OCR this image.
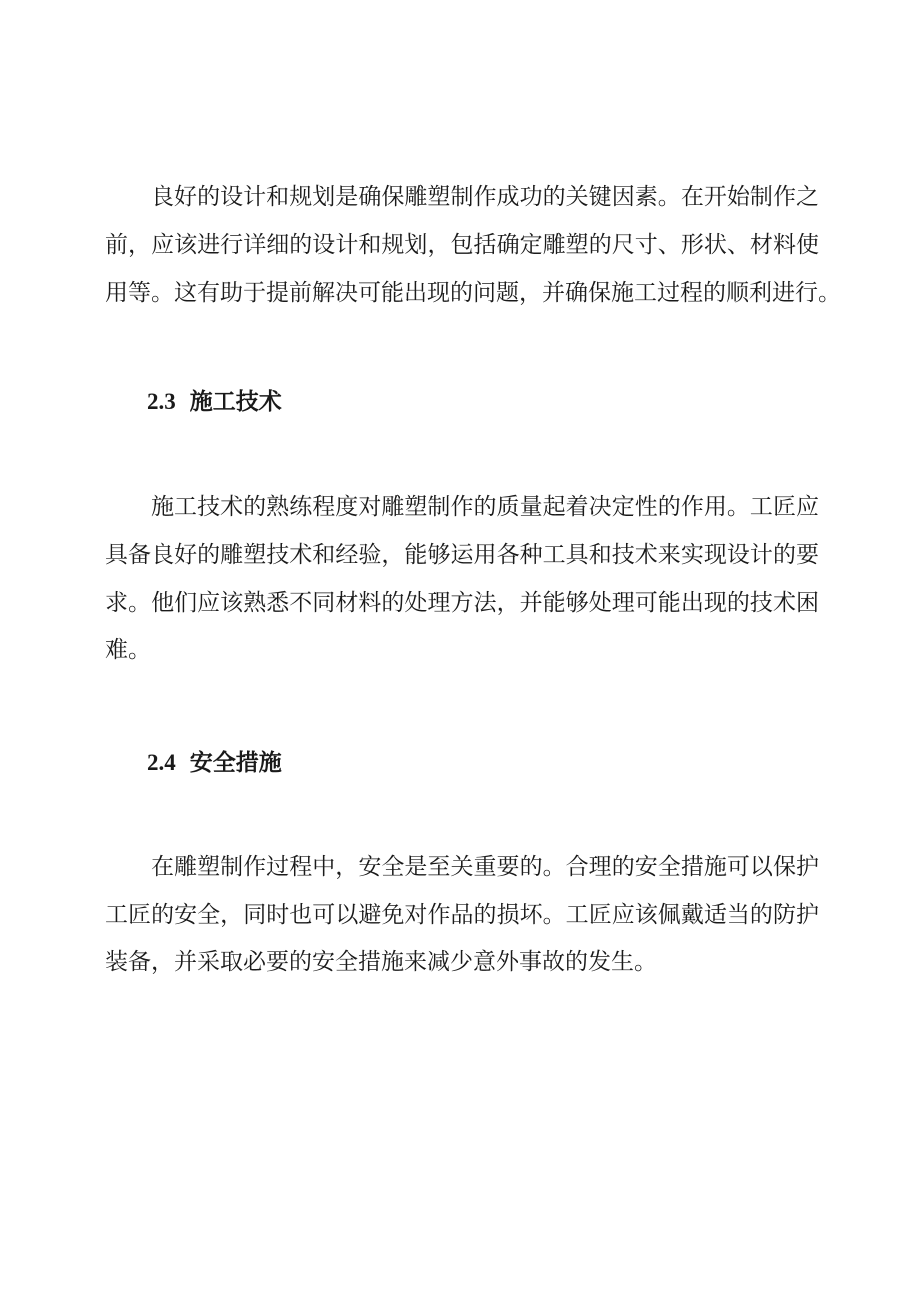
良好的设计和规划是确保雕塑制作成功的关键因素。在开始制作之
前，应该进行详细的设计和规划，包括确定雕塑的尺寸、形状、材料使
用等。这有助于提前解决可能出现的问题，并确保施工过程的顺利进行。
2.3 施工技术
施工技术的熟练程度对雕塑制作的质量起着决定性的作用。工匠应
具备良好的雕塑技术和经验，能够运用各种工具和技术来实现设计的要
求。他们应该熟悉不同材料的处理方法，并能够处理可能出现的技术困
难。
2.4 安全措施
在雕塑制作过程中，安全是至关重要的。合理的安全措施可以保护
工匠的安全，同时也可以避免对作品的损坏。工匠应该佩戴适当的防护
装备，并采取必要的安全措施来减少意外事故的发生。
